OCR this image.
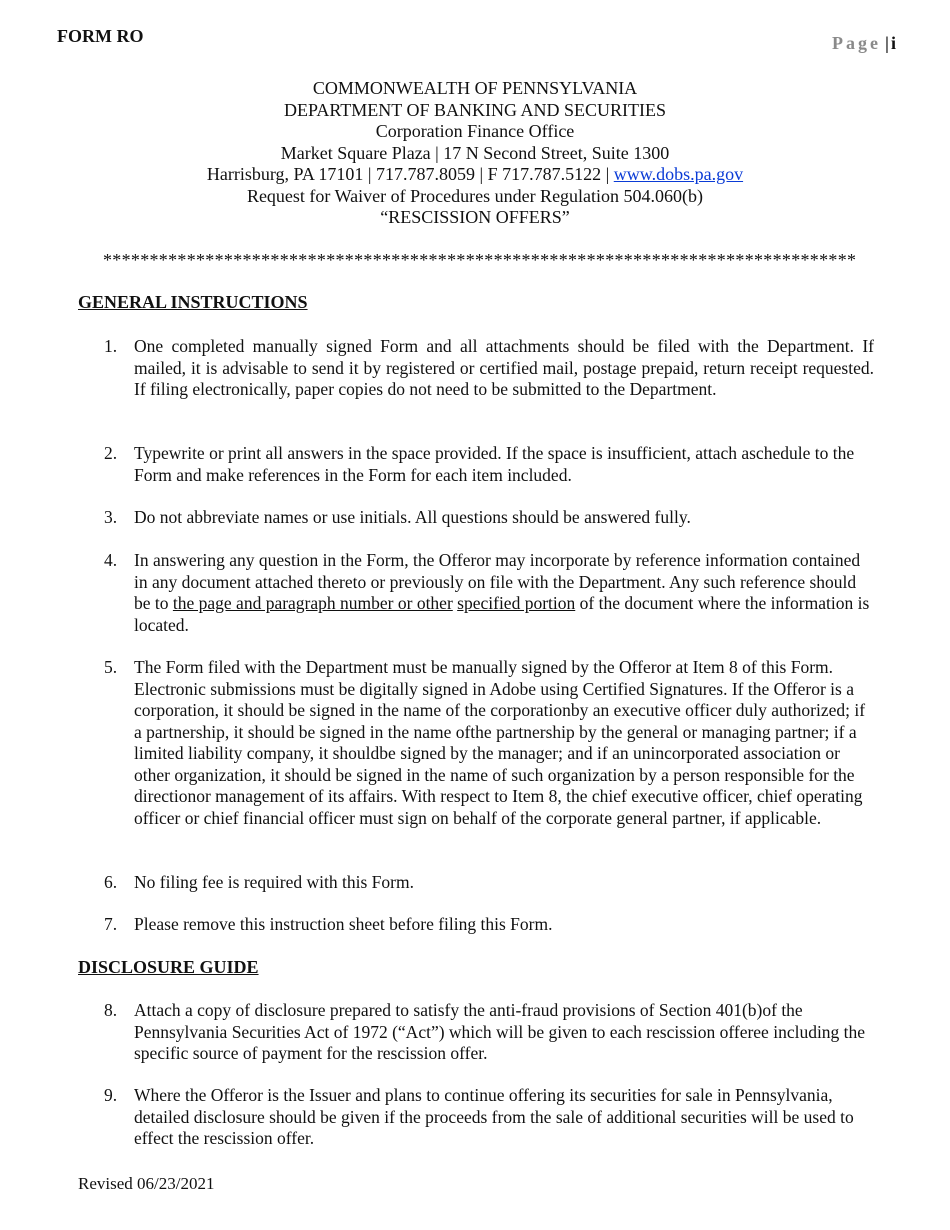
FORM RO	Page | i
COMMONWEALTH OF PENNSYLVANIA
DEPARTMENT OF BANKING AND SECURITIES
Corporation Finance Office
Market Square Plaza | 17 N Second Street, Suite 1300
Harrisburg, PA 17101 | 717.787.8059 | F 717.787.5122 | www.dobs.pa.gov
Request for Waiver of Procedures under Regulation 504.060(b)
“RESCISSION OFFERS”
*********************************************************************************
GENERAL INSTRUCTIONS
1. One completed manually signed Form and all attachments should be filed with the Department. If mailed, it is advisable to send it by registered or certified mail, postage prepaid, return receipt requested. If filing electronically, paper copies do not need to be submitted to the Department.
2. Typewrite or print all answers in the space provided. If the space is insufficient, attach aschedule to the Form and make references in the Form for each item included.
3. Do not abbreviate names or use initials. All questions should be answered fully.
4. In answering any question in the Form, the Offeror may incorporate by reference information contained in any document attached thereto or previously on file with the Department. Any such reference should be to the page and paragraph number or other specified portion of the document where the information is located.
5. The Form filed with the Department must be manually signed by the Offeror at Item 8 of this Form. Electronic submissions must be digitally signed in Adobe using Certified Signatures. If the Offeror is a corporation, it should be signed in the name of the corporationby an executive officer duly authorized; if a partnership, it should be signed in the name ofthe partnership by the general or managing partner; if a limited liability company, it shouldbe signed by the manager; and if an unincorporated association or other organization, it should be signed in the name of such organization by a person responsible for the directionor management of its affairs. With respect to Item 8, the chief executive officer, chief operating officer or chief financial officer must sign on behalf of the corporate general partner, if applicable.
6. No filing fee is required with this Form.
7. Please remove this instruction sheet before filing this Form.
DISCLOSURE GUIDE
8. Attach a copy of disclosure prepared to satisfy the anti-fraud provisions of Section 401(b)of the Pennsylvania Securities Act of 1972 (“Act”) which will be given to each rescission offeree including the specific source of payment for the rescission offer.
9. Where the Offeror is the Issuer and plans to continue offering its securities for sale in Pennsylvania, detailed disclosure should be given if the proceeds from the sale of additional securities will be used to effect the rescission offer.
Revised 06/23/2021
